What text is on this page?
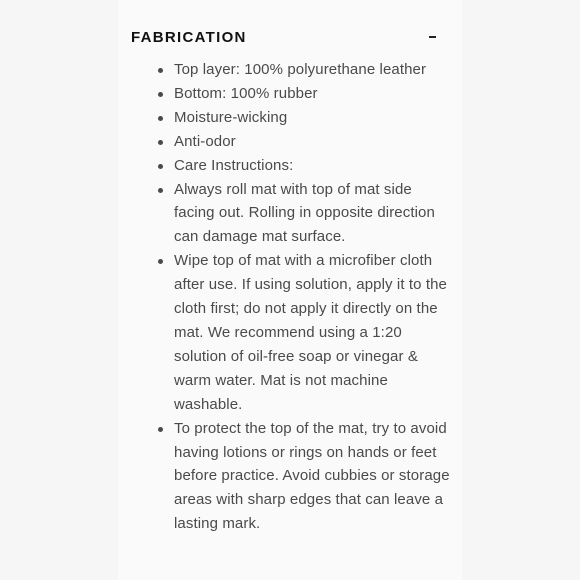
FABRICATION
Top layer: 100% polyurethane leather
Bottom: 100% rubber
Moisture-wicking
Anti-odor
Care Instructions:
Always roll mat with top of mat side facing out. Rolling in opposite direction can damage mat surface.
Wipe top of mat with a microfiber cloth after use. If using solution, apply it to the cloth first; do not apply it directly on the mat. We recommend using a 1:20 solution of oil-free soap or vinegar & warm water. Mat is not machine washable.
To protect the top of the mat, try to avoid having lotions or rings on hands or feet before practice. Avoid cubbies or storage areas with sharp edges that can leave a lasting mark.
